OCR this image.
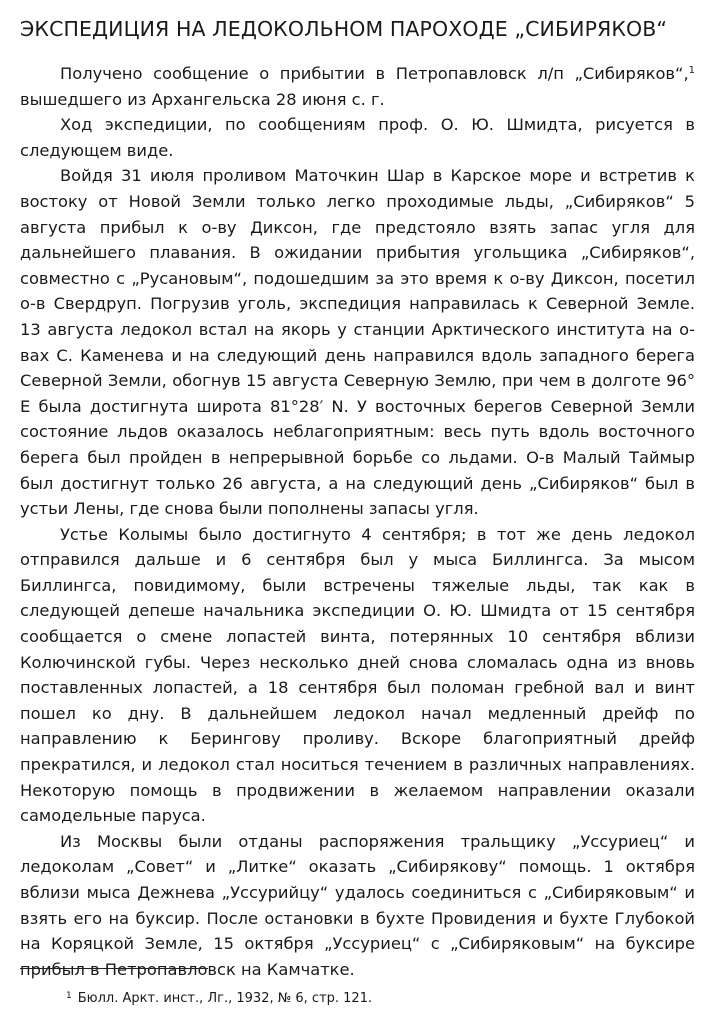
ЭКСПЕДИЦИЯ НА ЛЕДОКОЛЬНОМ ПАРОХОДЕ „СИБИРЯКОВ“

Получено сообщение о прибытии в Петропавловск л/п „Сибиряков“,$^1$ вышедшего из Архангельска 28 июня с. г.

Ход экспедиции, по сообщениям проф. О. Ю. Шмидта, рисуется в следующем виде.

Войдя 31 июля проливом Маточкин Шар в Карское море и встретив к востоку от Новой Земли только легко проходимые льды, „Сибиряков“ 5 августа прибыл к о-ву Диксон, где предстояло взять запас угля для дальнейшего плавания. В ожидании прибытия угольщика „Сибиряков“, совместно с „Русановым“, подошедшим за это время к о-ву Диксон, посетил о-в Свердруп. Погрузив уголь, экспедиция направилась к Северной Земле. 13 августа ледокол встал на якорь у станции Арктического института на о-вах С. Каменева и на следующий день направился вдоль западного берега Северной Земли, обогнув 15 августа Северную Землю, при чем в долготе 96° E была достигнута широта 81°28′ N. У восточных берегов Северной Земли состояние льдов оказалось неблагоприятным: весь путь вдоль восточного берега был пройден в непрерывной борьбе со льдами. О-в Малый Таймыр был достигнут только 26 августа, а на следующий день „Сибиряков“ был в устьи Лены, где снова были пополнены запасы угля.

Устье Колымы было достигнуто 4 сентября; в тот же день ледокол отправился дальше и 6 сентября был у мыса Биллингса. За мысом Биллингса, повидимому, были встречены тяжелые льды, так как в следующей депеше начальника экспедиции О. Ю. Шмидта от 15 сентября сообщается о смене лопастей винта, потерянных 10 сентября вблизи Колючинской губы. Через несколько дней снова сломалась одна из вновь поставленных лопастей, а 18 сентября был поломан гребной вал и винт пошел ко дну. В дальнейшем ледокол начал медленный дрейф по направлению к Берингову проливу. Вскоре благоприятный дрейф прекратился, и ледокол стал носиться течением в различных направлениях. Некоторую помощь в продвижении в желаемом направлении оказали самодельные паруса.

Из Москвы были отданы распоряжения тральщику „Уссуриец“ и ледоколам „Совет“ и „Литке“ оказать „Сибирякову“ помощь. 1 октября вблизи мыса Дежнева „Уссурийцу“ удалось соединиться с „Сибиряковым“ и взять его на буксир. После остановки в бухте Провидения и бухте Глубокой на Коряцкой Земле, 15 октября „Уссуриец“ с „Сибиряковым“ на буксире прибыл в Петропавловск на Камчатке.

$^1$ Бюлл. Аркт. инст., Лг., 1932, № 6, стр. 121.
